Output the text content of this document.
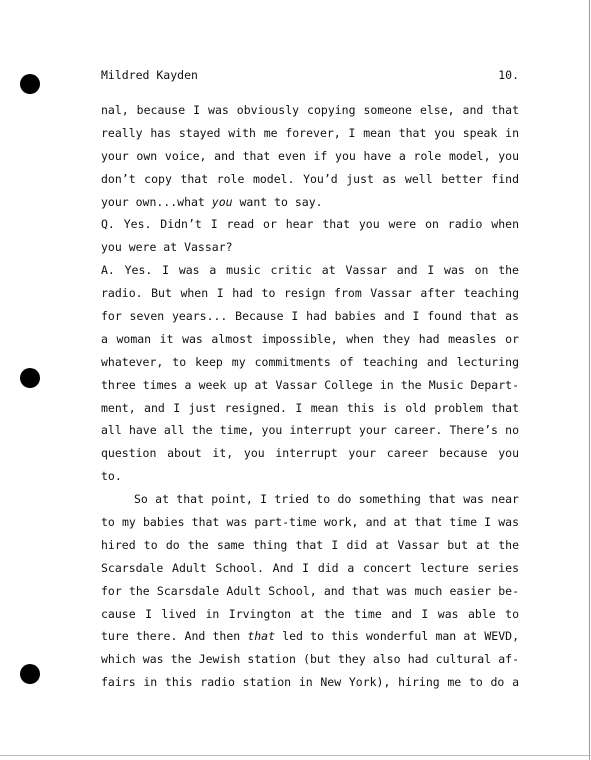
Mildred Kayden	10.
nal, because I was obviously copying someone else, and that
really has stayed with me forever, I mean that you speak in
your own voice, and that even if you have a role model, you
don’t copy that role model. You’d just as well better find
your own...what you want to say.
Q. Yes. Didn’t I read or hear that you were on radio when
you were at Vassar?
A. Yes. I was a music critic at Vassar and I was on the
radio. But when I had to resign from Vassar after teaching
for seven years... Because I had babies and I found that as
a woman it was almost impossible, when they had measles or
whatever, to keep my commitments of teaching and lecturing
three times a week up at Vassar College in the Music Depart-
ment, and I just resigned. I mean this is old problem that
all have all the time, you interrupt your career. There’s no
question about it, you interrupt your career because you
to.
So at that point, I tried to do something that was near
to my babies that was part-time work, and at that time I was
hired to do the same thing that I did at Vassar but at the
Scarsdale Adult School. And I did a concert lecture series
for the Scarsdale Adult School, and that was much easier be-
cause I lived in Irvington at the time and I was able to
ture there. And then that led to this wonderful man at WEVD,
which was the Jewish station (but they also had cultural af-
fairs in this radio station in New York), hiring me to do a
